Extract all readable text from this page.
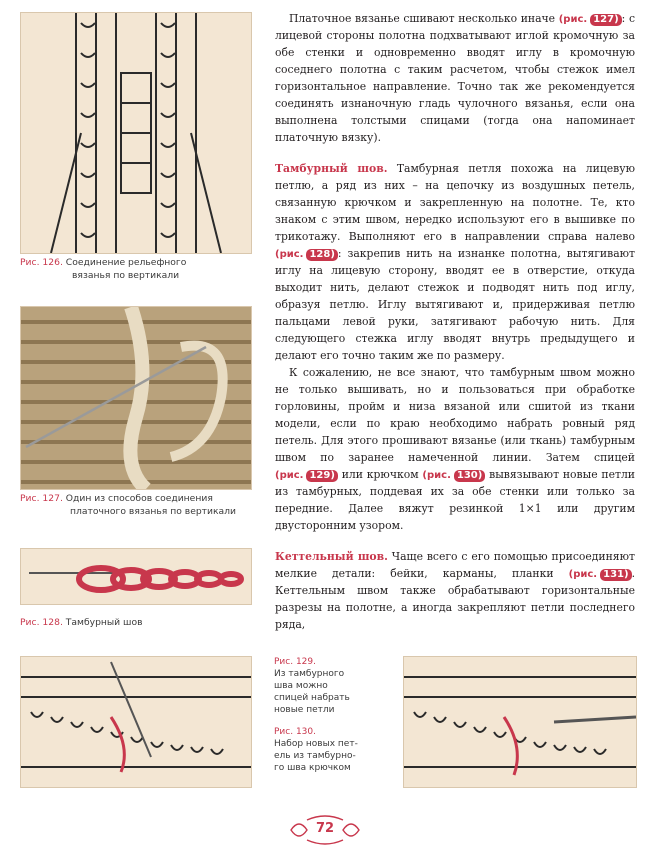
Рис. 126. Соединение рельефного

вязанья по вертикали
Рис. 127. Один из способов соединения

платочного вязанья по вертикали
Рис. 128. Тамбурный шов

Платочное вязанье сшивают несколько иначе (рис. 127) : с лицевой стороны полотна подхватывают иглой кромочную за обе стенки и одновременно вводят иглу в кромочную соседнего полотна с таким расчетом, чтобы стежок имел горизонтальное направление. Точно так же рекомендуется соединять изнаночную гладь чулочного вязанья, если она выполнена толстыми спицами (тогда она напоминает платочную вязку).

Тамбурный шов. Тамбурная петля похожа на лицевую петлю, а ряд из них – на цепочку из воздушных петель, связанную крючком и закрепленную на полотне. Те, кто знаком с этим швом, нередко используют его в вышивке по трикотажу. Выполняют его в направлении справа налево (рис. 128) : закрепив нить на изнанке полотна, вытягивают иглу на лицевую сторону, вводят ее в отверстие, откуда выходит нить, делают стежок и подводят нить под иглу, образуя петлю. Иглу вытягивают и, придерживая петлю пальцами левой руки, затягивают рабочую нить. Для следующего стежка иглу вводят внутрь предыдущего и делают его точно таким же по размеру.

К сожалению, не все знают, что тамбурным швом можно не только вышивать, но и пользоваться при обработке горловины, пройм и низа вязаной или сшитой из ткани модели, если по краю необходимо набрать ровный ряд петель. Для этого прошивают вязанье (или ткань) тамбурным швом по заранее намеченной линии. Затем спицей (рис. 129) или крючком (рис. 130) вывязывают новые петли из тамбурных, поддевая их за обе стенки или только за передние. Далее вяжут резинкой 1×1 или другим двусторонним узором.

Кеттельный шов. Чаще всего с его помощью присоединяют мелкие детали: бейки, карманы, планки (рис. 131) . Кеттельным швом также обрабатывают горизонтальные разрезы на полотне, а иногда закрепляют петли последнего ряда,

Рис. 129.
Из тамбурного
шва можно
спицей набрать
новые петли
Рис. 130.
Набор новых пет-
ель из тамбурно-
го шва крючком
72
